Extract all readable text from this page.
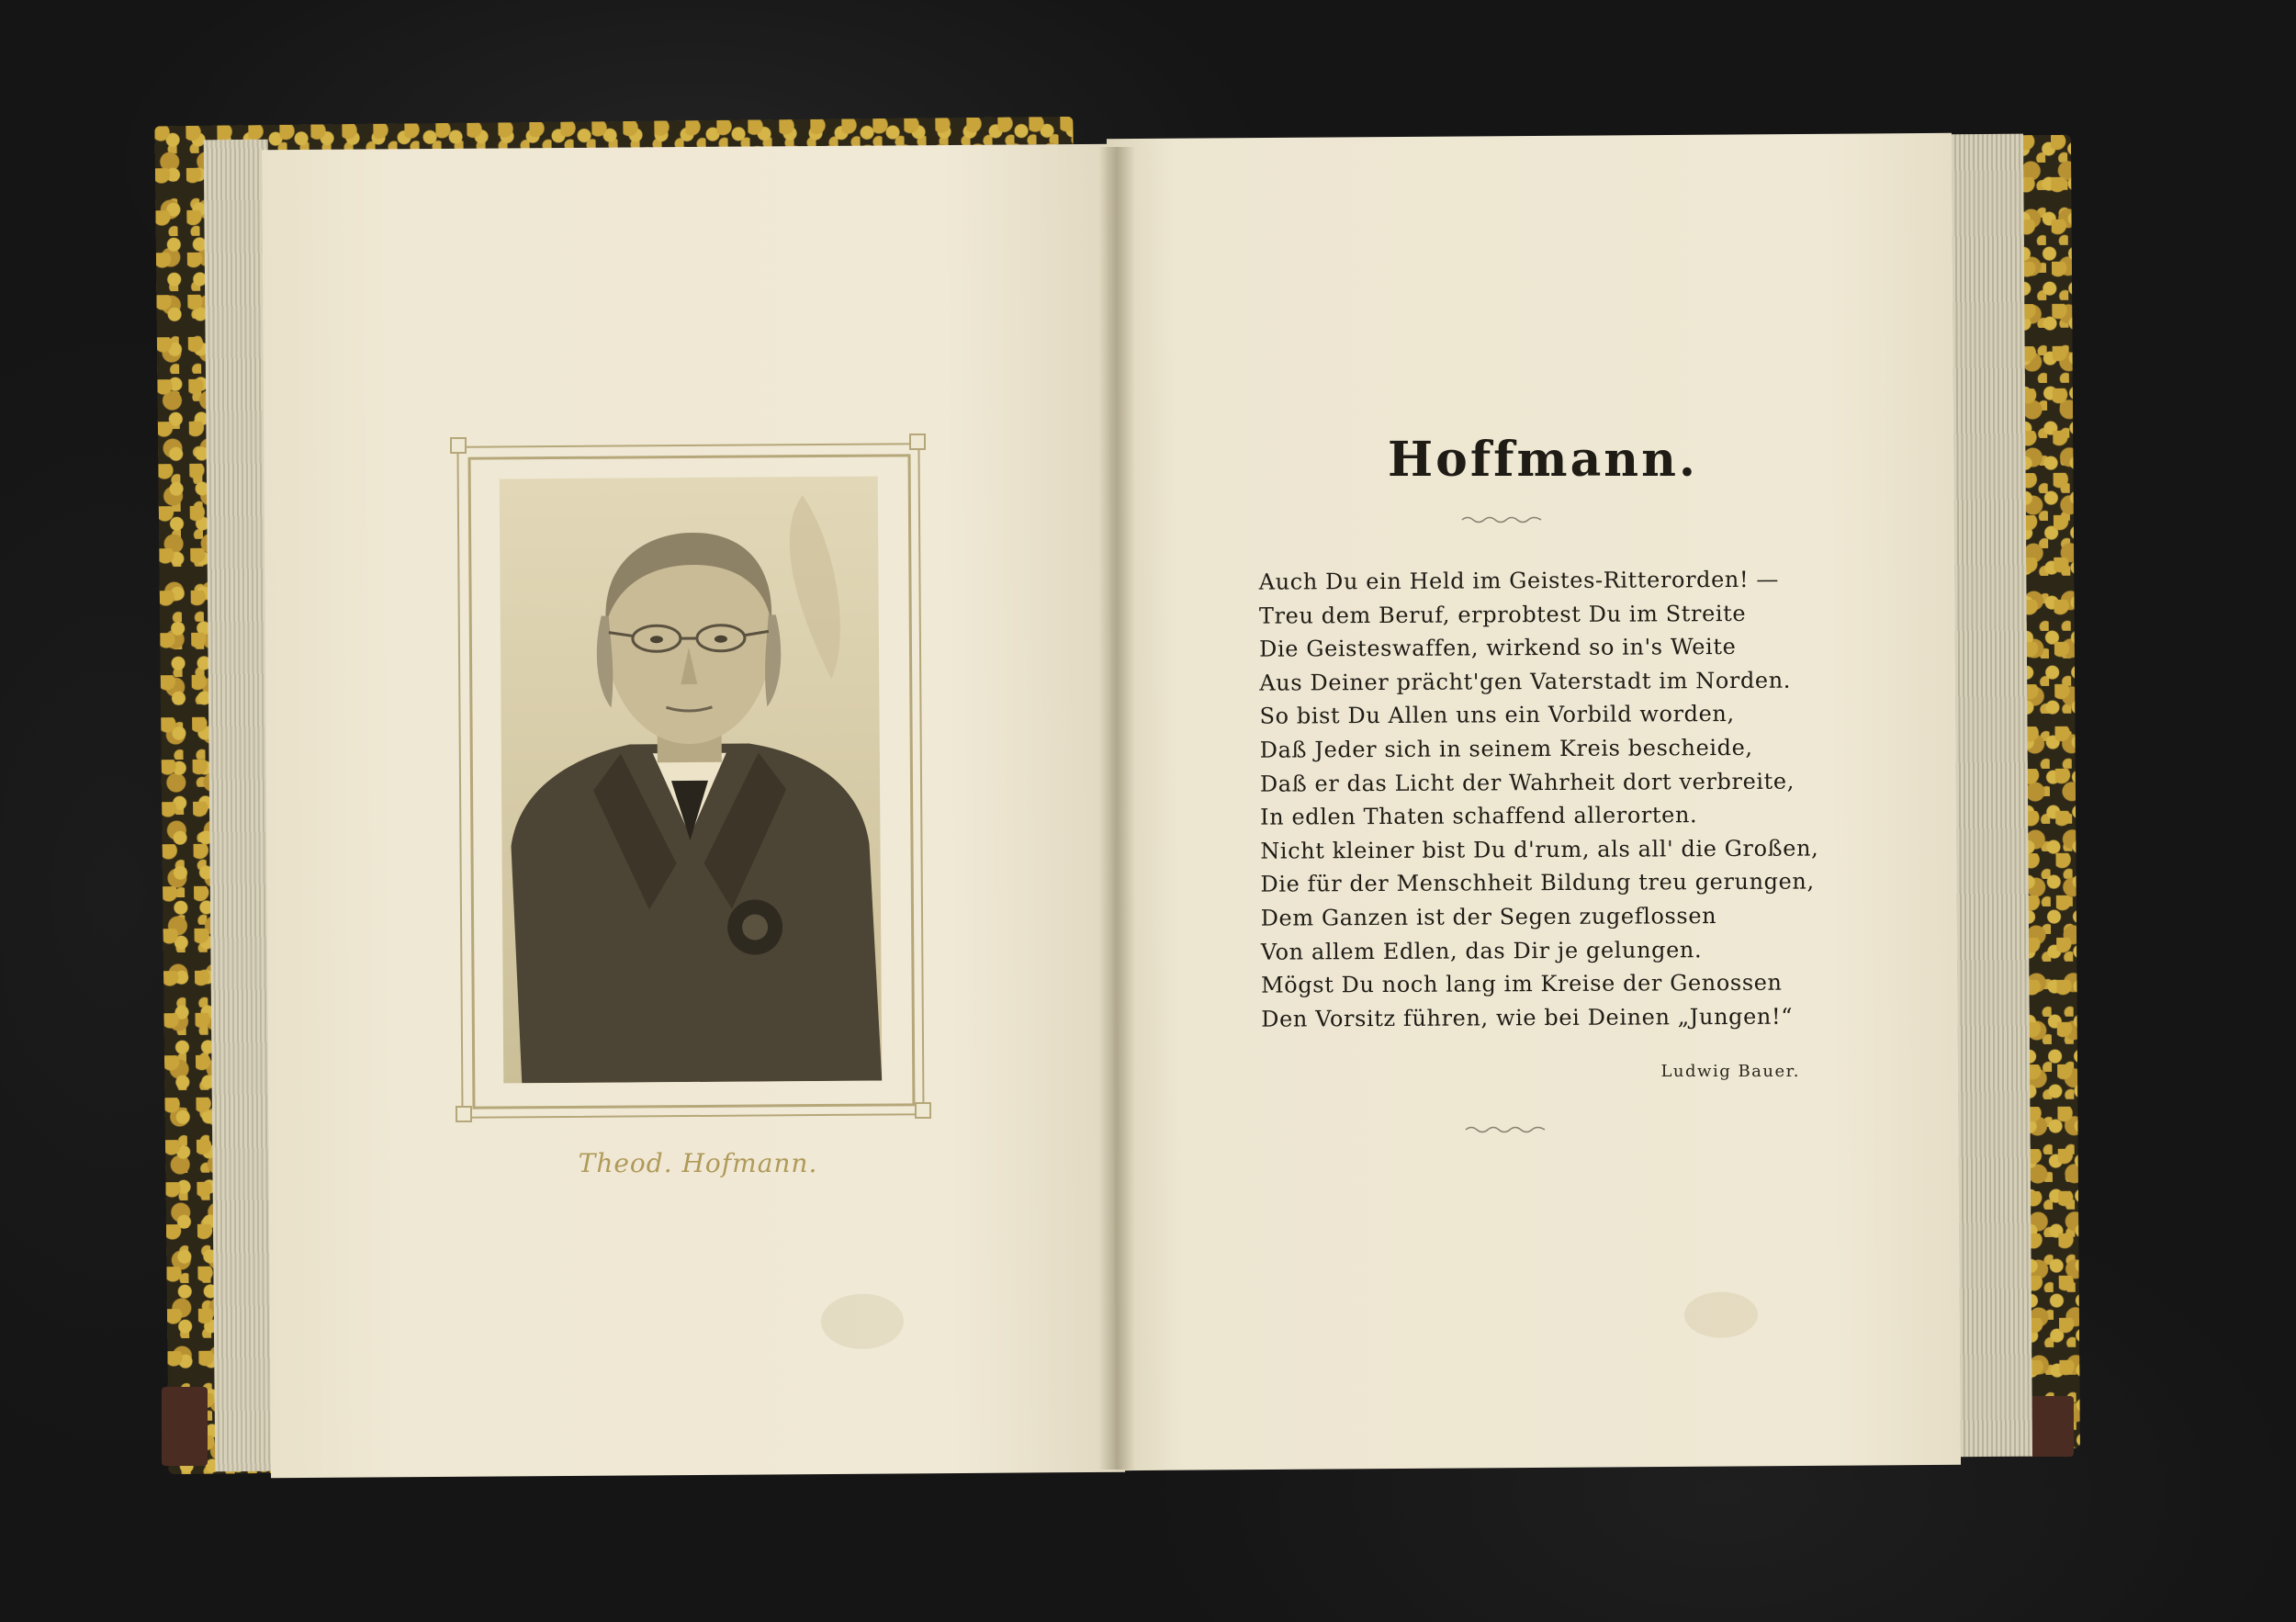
Theod. Hofmann.
Hoffmann.
Auch Du ein Held im Geistes-Ritterorden! —
Treu dem Beruf, erprobtest Du im Streite
Die Geisteswaffen, wirkend so in's Weite
Aus Deiner prächt'gen Vaterstadt im Norden.
So bist Du Allen uns ein Vorbild worden,
Daß Jeder sich in seinem Kreis bescheide,
Daß er das Licht der Wahrheit dort verbreite,
In edlen Thaten schaffend allerorten.
Nicht kleiner bist Du d'rum, als all' die Großen,
Die für der Menschheit Bildung treu gerungen,
Dem Ganzen ist der Segen zugeflossen
Von allem Edlen, das Dir je gelungen.
Mögst Du noch lang im Kreise der Genossen
Den Vorsitz führen, wie bei Deinen „Jungen!“
Ludwig Bauer.
